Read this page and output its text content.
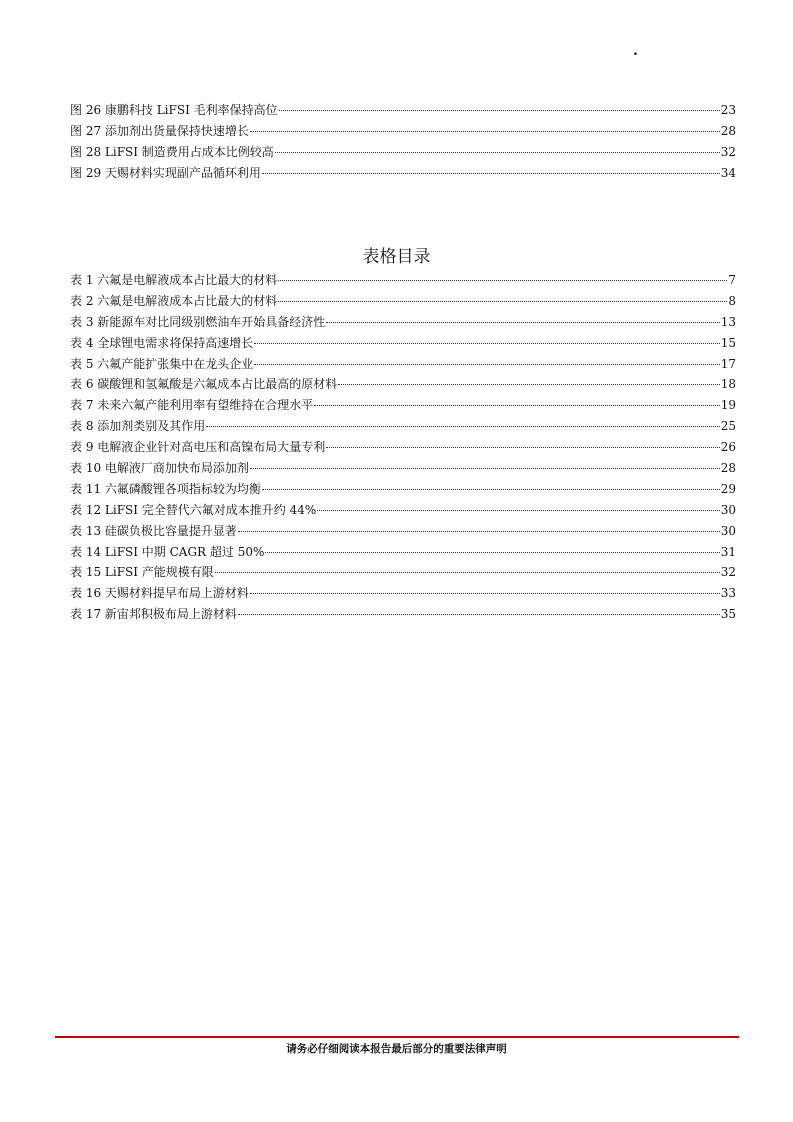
.
图 26 康鹏科技 LiFSI 毛利率保持高位	23
图 27 添加剂出货量保持快速增长	28
图 28 LiFSI 制造费用占成本比例较高	32
图 29 天赐材料实现副产品循环利用	34
表格目录
表 1 六氟是电解液成本占比最大的材料	7
表 2 六氟是电解液成本占比最大的材料	8
表 3 新能源车对比同级别燃油车开始具备经济性	13
表 4 全球锂电需求将保持高速增长	15
表 5 六氟产能扩张集中在龙头企业	17
表 6 碳酸锂和氢氟酸是六氟成本占比最高的原材料	18
表 7 未来六氟产能利用率有望维持在合理水平	19
表 8 添加剂类别及其作用	25
表 9 电解液企业针对高电压和高镍布局大量专利	26
表 10 电解液厂商加快布局添加剂	28
表 11 六氟磷酸锂各项指标较为均衡	29
表 12 LiFSI 完全替代六氟对成本推升约 44%	30
表 13 硅碳负极比容量提升显著	30
表 14 LiFSI 中期 CAGR 超过 50%	31
表 15 LiFSI 产能规模有限	32
表 16 天赐材料提早布局上游材料	33
表 17 新宙邦积极布局上游材料	35
请务必仔细阅读本报告最后部分的重要法律声明
